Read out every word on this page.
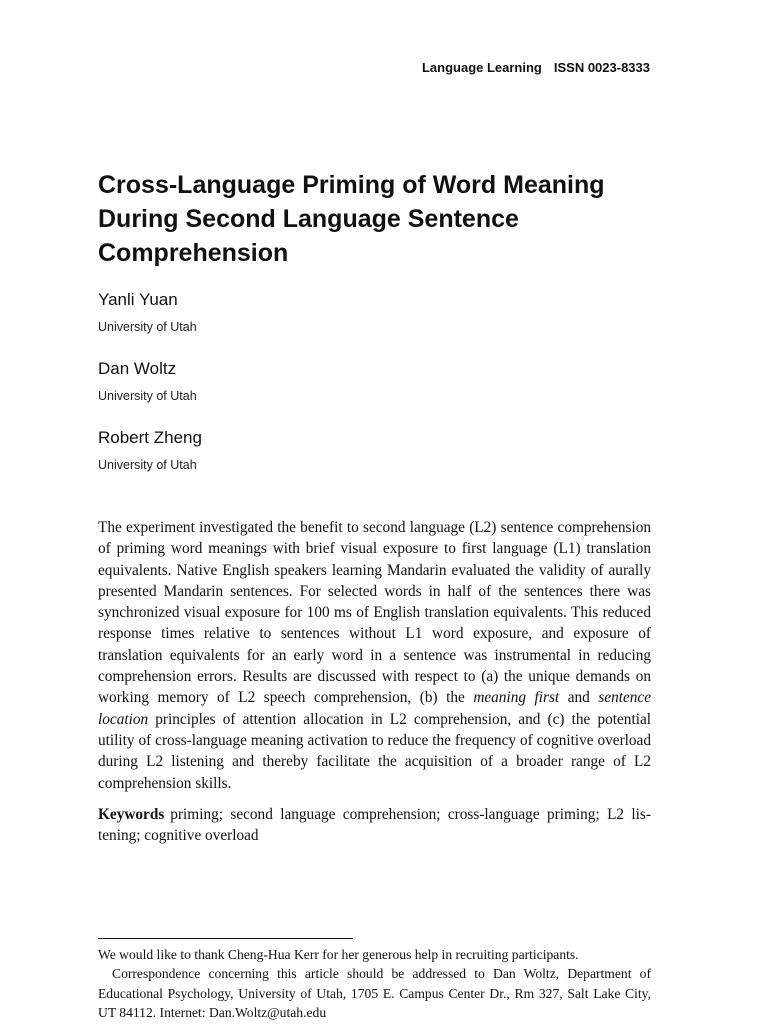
Language Learning ISSN 0023-8333
Cross-Language Priming of Word Meaning During Second Language Sentence Comprehension
Yanli Yuan
University of Utah
Dan Woltz
University of Utah
Robert Zheng
University of Utah

The experiment investigated the benefit to second language (L2) sentence comprehension of priming word meanings with brief visual exposure to first language (L1) translation equivalents. Native English speakers learning Mandarin evaluated the validity of aurally presented Mandarin sentences. For selected words in half of the sentences there was synchronized visual exposure for 100 ms of English translation equivalents. This reduced response times relative to sentences without L1 word exposure, and exposure of translation equivalents for an early word in a sentence was instrumental in reducing comprehension errors. Results are discussed with respect to (a) the unique demands on working memory of L2 speech comprehension, (b) the meaning first and sentence location principles of attention allocation in L2 comprehension, and (c) the potential utility of cross-language meaning activation to reduce the frequency of cognitive overload during L2 listening and thereby facilitate the acquisition of a broader range of L2 comprehension skills.

Keywords priming; second language comprehension; cross-language priming; L2 listening; cognitive overload

We would like to thank Cheng-Hua Kerr for her generous help in recruiting participants.

Correspondence concerning this article should be addressed to Dan Woltz, Department of Educational Psychology, University of Utah, 1705 E. Campus Center Dr., Rm 327, Salt Lake City, UT 84112. Internet: Dan.Woltz@utah.edu
